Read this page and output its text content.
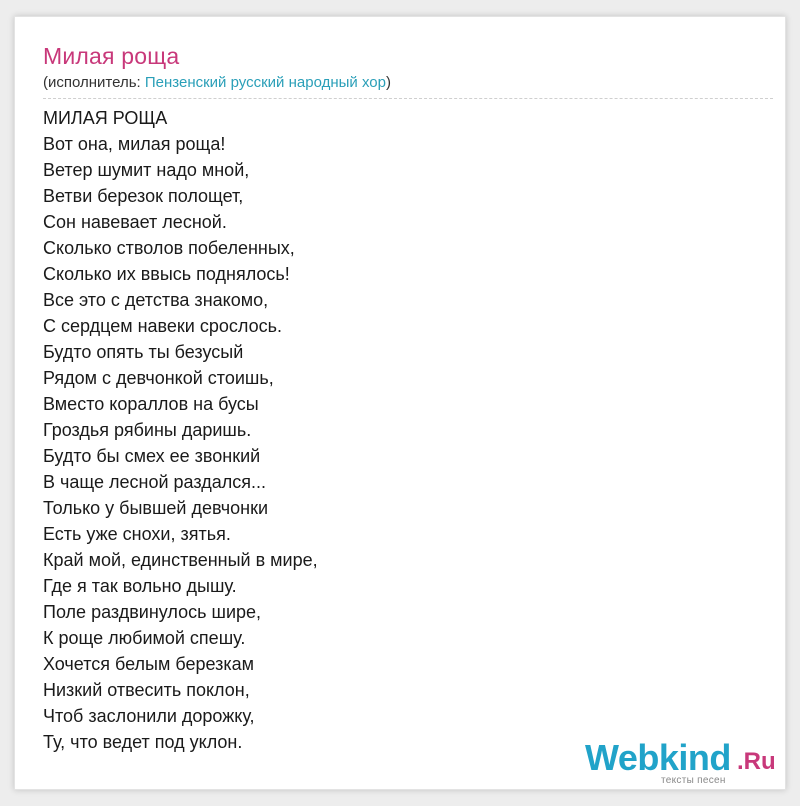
Милая роща
(исполнитель: Пензенский русский народный хор)
МИЛАЯ РОЩА
Вот она, милая роща!
Ветер шумит надо мной,
Ветви березок полощет,
Сон навевает лесной.
Сколько стволов побеленных,
Сколько их ввысь поднялось!
Все это с детства знакомо,
С сердцем навеки срослось.
Будто опять ты безусый
Рядом с девчонкой стоишь,
Вместо кораллов на бусы
Гроздья рябины даришь.
Будто бы смех ее звонкий
В чаще лесной раздался...
Только у бывшей девчонки
Есть уже снохи, зятья.
Край мой, единственный в мире,
Где я так вольно дышу.
Поле раздвинулось шире,
К роще любимой спешу.
Хочется белым березкам
Низкий отвесить поклон,
Чтоб заслонили дорожку,
Ту, что ведет под уклон.	Webkind .Ru
тексты песен
